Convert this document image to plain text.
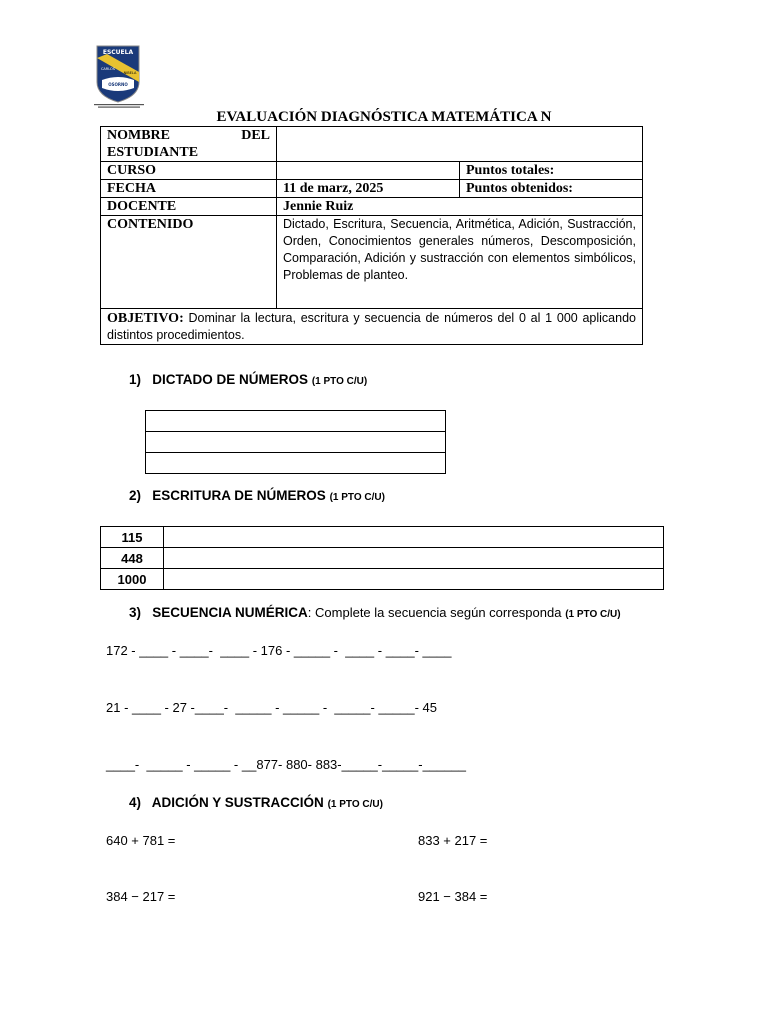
ESCUELA
CARLOS
NIBELA
OSORNO
EVALUACIÓN DIAGNÓSTICA MATEMÁTICA N
NOMBRE DEL
ESTUDIANTE		

CURSO		Puntos totales:
FECHA	11 de marz, 2025	Puntos obtenidos:
DOCENTE	Jennie Ruiz	
CONTENIDO	Dictado, Escritura, Secuencia, Aritmética, Adición, Sustracción, Orden, Conocimientos generales números, Descomposición, Comparación, Adición y sustracción con elementos simbólicos, Problemas de planteo.	
OBJETIVO: Dominar la lectura, escritura y secuencia de números del 0 al 1 000 aplicando distintos procedimientos.		
1) DICTADO DE NÚMEROS (1 PTO C/U)

2) ESCRITURA DE NÚMEROS (1 PTO C/U)
115	
448	
1000	
3) SECUENCIA NUMÉRICA: Complete la secuencia según corresponda (1 PTO C/U)
172 - ____ - ____-  ____ - 176 - _____ -  ____ - ____- ____
21 - ____ - 27 -____-  _____ - _____ -  _____- _____- 45
____-  _____ - _____ - __877- 880- 883-_____-_____-______
4) ADICIÓN Y SUSTRACCIÓN (1 PTO C/U)
640 + 781 =	833 + 217 =
384 − 217 =	921 − 384 =
